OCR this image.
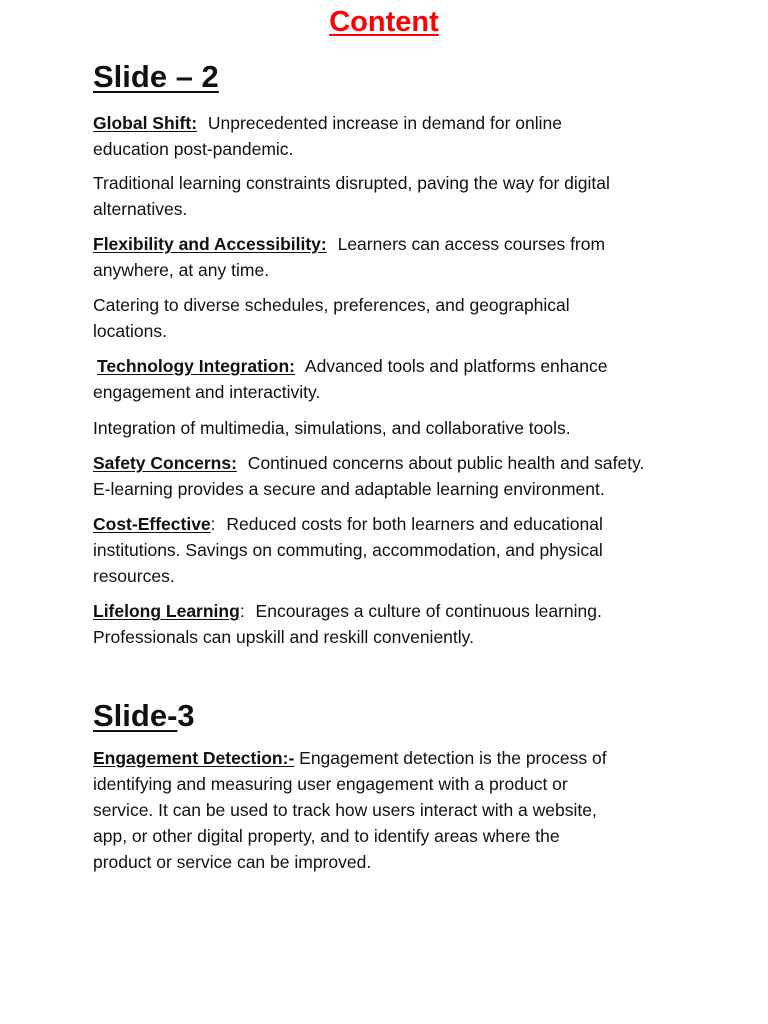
Content
Slide – 2

Global Shift: Unprecedented increase in demand for online
education post-pandemic.

Traditional learning constraints disrupted, paving the way for digital
alternatives.

Flexibility and Accessibility: Learners can access courses from
anywhere, at any time.

Catering to diverse schedules, preferences, and geographical
locations.

Technology Integration: Advanced tools and platforms enhance
engagement and interactivity.

Integration of multimedia, simulations, and collaborative tools.

Safety Concerns: Continued concerns about public health and safety.
E-learning provides a secure and adaptable learning environment.

Cost-Effective: Reduced costs for both learners and educational
institutions. Savings on commuting, accommodation, and physical
resources.

Lifelong Learning: Encourages a culture of continuous learning.
Professionals can upskill and reskill conveniently.

Slide-3

Engagement Detection:- Engagement detection is the process of
identifying and measuring user engagement with a product or
service. It can be used to track how users interact with a website,
app, or other digital property, and to identify areas where the
product or service can be improved.
